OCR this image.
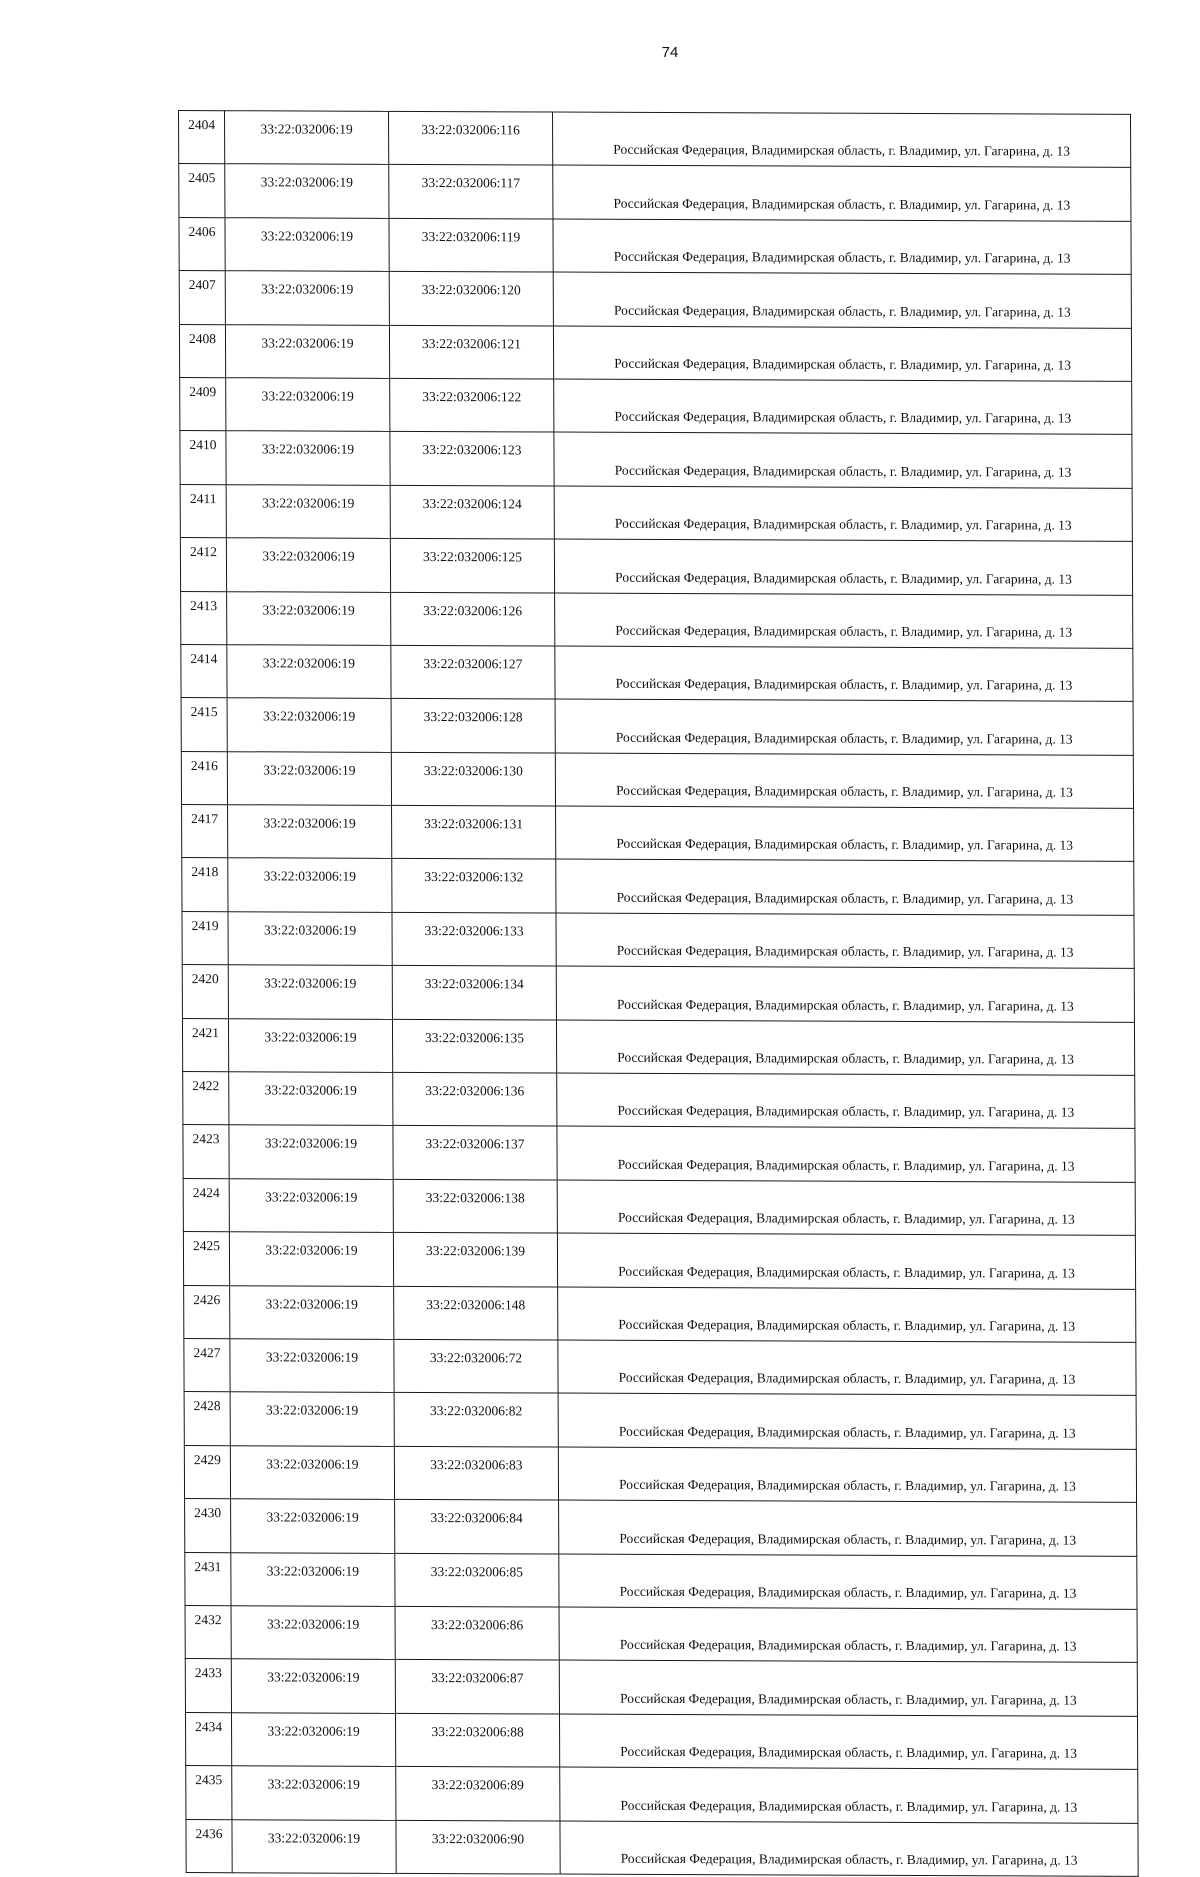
74
2404	33:22:032006:19	33:22:032006:116	Российская Федерация, Владимирская область, г. Владимир, ул. Гагарина, д. 13
2405	33:22:032006:19	33:22:032006:117	Российская Федерация, Владимирская область, г. Владимир, ул. Гагарина, д. 13
2406	33:22:032006:19	33:22:032006:119	Российская Федерация, Владимирская область, г. Владимир, ул. Гагарина, д. 13
2407	33:22:032006:19	33:22:032006:120	Российская Федерация, Владимирская область, г. Владимир, ул. Гагарина, д. 13
2408	33:22:032006:19	33:22:032006:121	Российская Федерация, Владимирская область, г. Владимир, ул. Гагарина, д. 13
2409	33:22:032006:19	33:22:032006:122	Российская Федерация, Владимирская область, г. Владимир, ул. Гагарина, д. 13
2410	33:22:032006:19	33:22:032006:123	Российская Федерация, Владимирская область, г. Владимир, ул. Гагарина, д. 13
2411	33:22:032006:19	33:22:032006:124	Российская Федерация, Владимирская область, г. Владимир, ул. Гагарина, д. 13
2412	33:22:032006:19	33:22:032006:125	Российская Федерация, Владимирская область, г. Владимир, ул. Гагарина, д. 13
2413	33:22:032006:19	33:22:032006:126	Российская Федерация, Владимирская область, г. Владимир, ул. Гагарина, д. 13
2414	33:22:032006:19	33:22:032006:127	Российская Федерация, Владимирская область, г. Владимир, ул. Гагарина, д. 13
2415	33:22:032006:19	33:22:032006:128	Российская Федерация, Владимирская область, г. Владимир, ул. Гагарина, д. 13
2416	33:22:032006:19	33:22:032006:130	Российская Федерация, Владимирская область, г. Владимир, ул. Гагарина, д. 13
2417	33:22:032006:19	33:22:032006:131	Российская Федерация, Владимирская область, г. Владимир, ул. Гагарина, д. 13
2418	33:22:032006:19	33:22:032006:132	Российская Федерация, Владимирская область, г. Владимир, ул. Гагарина, д. 13
2419	33:22:032006:19	33:22:032006:133	Российская Федерация, Владимирская область, г. Владимир, ул. Гагарина, д. 13
2420	33:22:032006:19	33:22:032006:134	Российская Федерация, Владимирская область, г. Владимир, ул. Гагарина, д. 13
2421	33:22:032006:19	33:22:032006:135	Российская Федерация, Владимирская область, г. Владимир, ул. Гагарина, д. 13
2422	33:22:032006:19	33:22:032006:136	Российская Федерация, Владимирская область, г. Владимир, ул. Гагарина, д. 13
2423	33:22:032006:19	33:22:032006:137	Российская Федерация, Владимирская область, г. Владимир, ул. Гагарина, д. 13
2424	33:22:032006:19	33:22:032006:138	Российская Федерация, Владимирская область, г. Владимир, ул. Гагарина, д. 13
2425	33:22:032006:19	33:22:032006:139	Российская Федерация, Владимирская область, г. Владимир, ул. Гагарина, д. 13
2426	33:22:032006:19	33:22:032006:148	Российская Федерация, Владимирская область, г. Владимир, ул. Гагарина, д. 13
2427	33:22:032006:19	33:22:032006:72	Российская Федерация, Владимирская область, г. Владимир, ул. Гагарина, д. 13
2428	33:22:032006:19	33:22:032006:82	Российская Федерация, Владимирская область, г. Владимир, ул. Гагарина, д. 13
2429	33:22:032006:19	33:22:032006:83	Российская Федерация, Владимирская область, г. Владимир, ул. Гагарина, д. 13
2430	33:22:032006:19	33:22:032006:84	Российская Федерация, Владимирская область, г. Владимир, ул. Гагарина, д. 13
2431	33:22:032006:19	33:22:032006:85	Российская Федерация, Владимирская область, г. Владимир, ул. Гагарина, д. 13
2432	33:22:032006:19	33:22:032006:86	Российская Федерация, Владимирская область, г. Владимир, ул. Гагарина, д. 13
2433	33:22:032006:19	33:22:032006:87	Российская Федерация, Владимирская область, г. Владимир, ул. Гагарина, д. 13
2434	33:22:032006:19	33:22:032006:88	Российская Федерация, Владимирская область, г. Владимир, ул. Гагарина, д. 13
2435	33:22:032006:19	33:22:032006:89	Российская Федерация, Владимирская область, г. Владимир, ул. Гагарина, д. 13
2436	33:22:032006:19	33:22:032006:90	Российская Федерация, Владимирская область, г. Владимир, ул. Гагарина, д. 13
